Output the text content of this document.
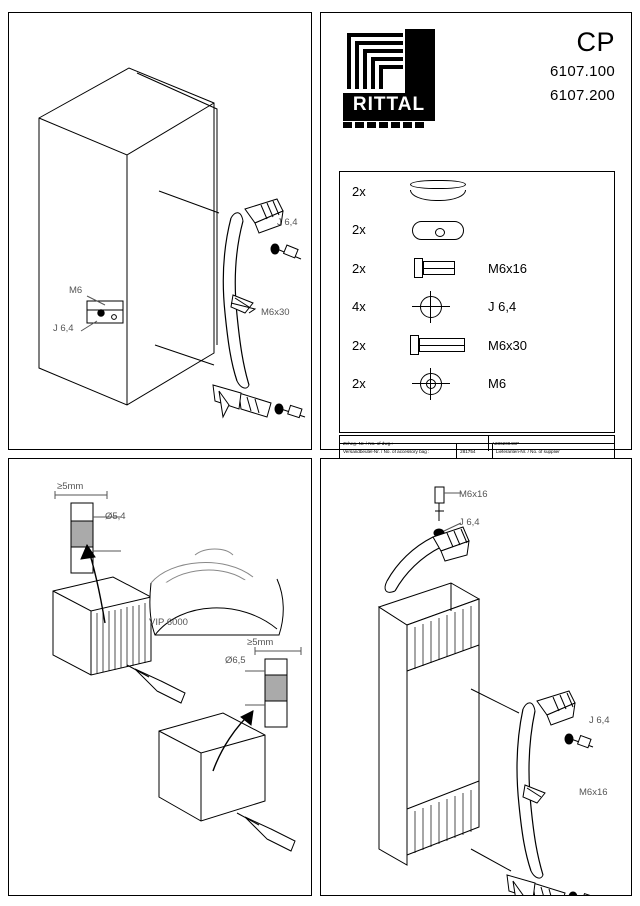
J 6,4
M6x30
M6
J 6,4
RITTAL
CP
6107.100
6107.200
2x
2x
2x	M6x16
4x	J 6,4
2x	M6x30
2x	M6
Zcheg.-Nr. / No. of dwg.:	A2362004CP
Versandbeutel-Nr. / No. of accessory bag :	281754	Lieferanten-Nr. / No. of supplier
≥5mm
Ø5,4
VIP 6000
≥5mm
Ø6,5
M6x16
J 6,4
J 6,4
M6x16
